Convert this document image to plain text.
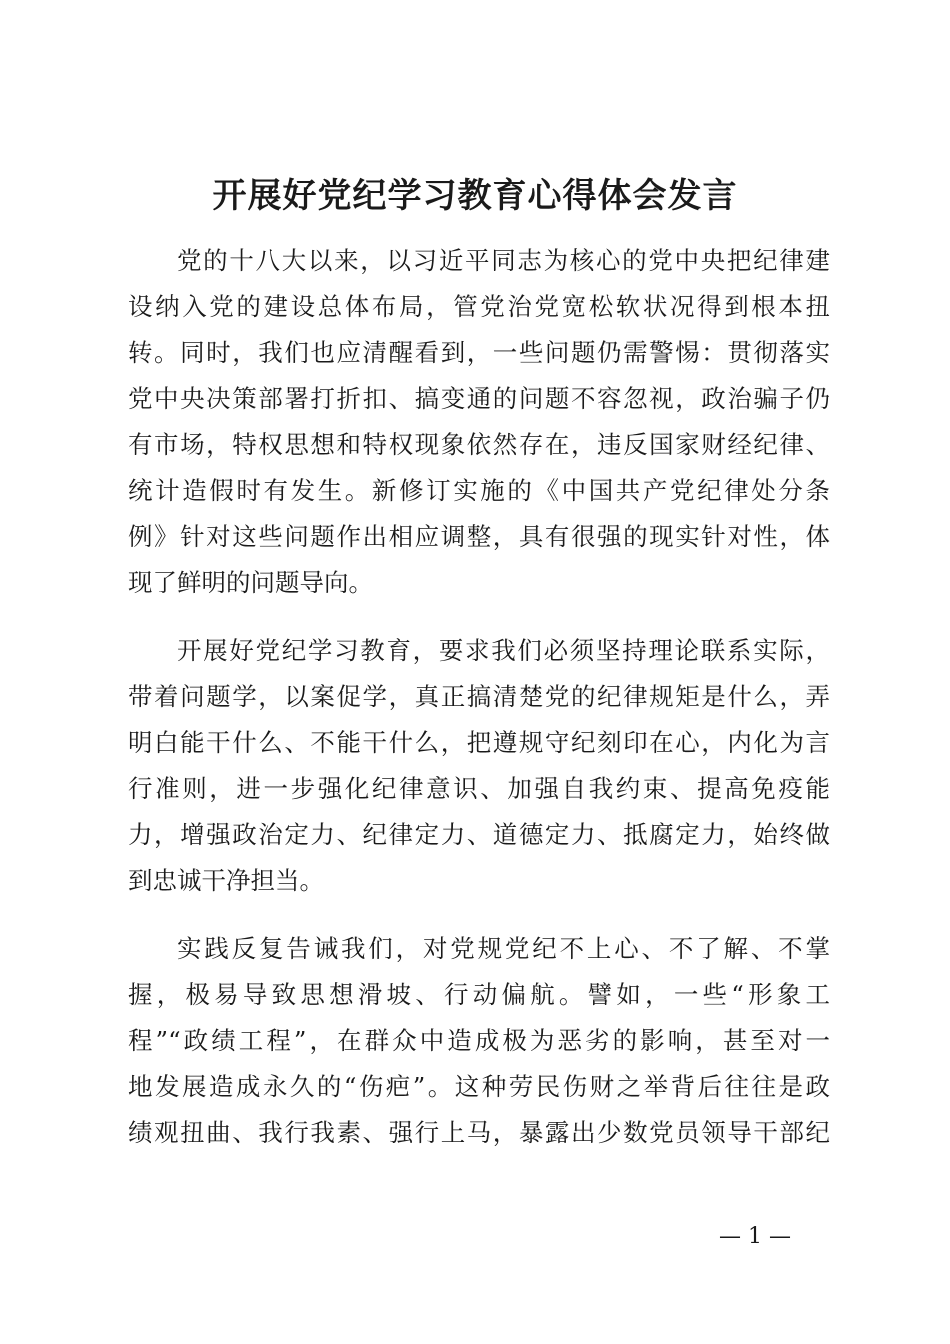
开展好党纪学习教育心得体会发言
党的十八大以来，以习近平同志为核心的党中央把纪律建
设纳入党的建设总体布局，管党治党宽松软状况得到根本扭
转。同时，我们也应清醒看到，一些问题仍需警惕：贯彻落实
党中央决策部署打折扣、搞变通的问题不容忽视，政治骗子仍
有市场，特权思想和特权现象依然存在，违反国家财经纪律、
统计造假时有发生。新修订实施的《中国共产党纪律处分条
例》针对这些问题作出相应调整，具有很强的现实针对性，体
现了鲜明的问题导向。
开展好党纪学习教育，要求我们必须坚持理论联系实际，
带着问题学，以案促学，真正搞清楚党的纪律规矩是什么，弄
明白能干什么、不能干什么，把遵规守纪刻印在心，内化为言
行准则，进一步强化纪律意识、加强自我约束、提高免疫能
力，增强政治定力、纪律定力、道德定力、抵腐定力，始终做
到忠诚干净担当。
实践反复告诫我们，对党规党纪不上心、不了解、不掌
握，极易导致思想滑坡、行动偏航。譬如，一些“形象工
程”“政绩工程”，在群众中造成极为恶劣的影响，甚至对一
地发展造成永久的“伤疤”。这种劳民伤财之举背后往往是政
绩观扭曲、我行我素、强行上马，暴露出少数党员领导干部纪
— 1 —
